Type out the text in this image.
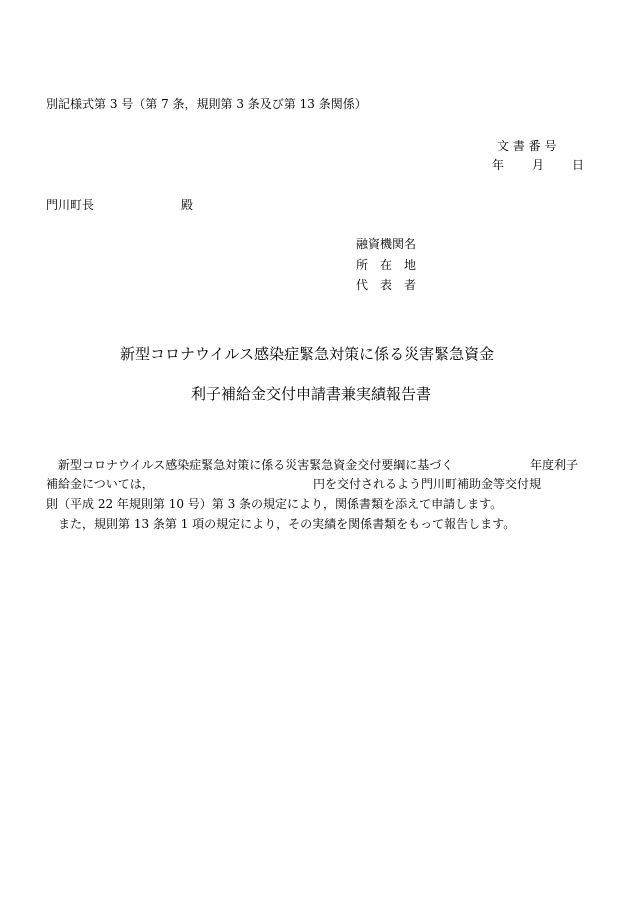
別記様式第 3 号（第 7 条，規則第 3 条及び第 13 条関係）
文 書 番 号
年 月 日
門川町長	殿
融資機関名
所　在　地
代　表　者
新型コロナウイルス感染症緊急対策に係る災害緊急資金
利子補給金交付申請書兼実績報告書
新型コロナウイルス感染症緊急対策に係る災害緊急資金交付要綱に基づく	年度利子
補給金については，	円を交付されるよう門川町補助金等交付規
則（平成 22 年規則第 10 号）第 3 条の規定により，関係書類を添えて申請します。
また，規則第 13 条第 1 項の規定により，その実績を関係書類をもって報告します。
